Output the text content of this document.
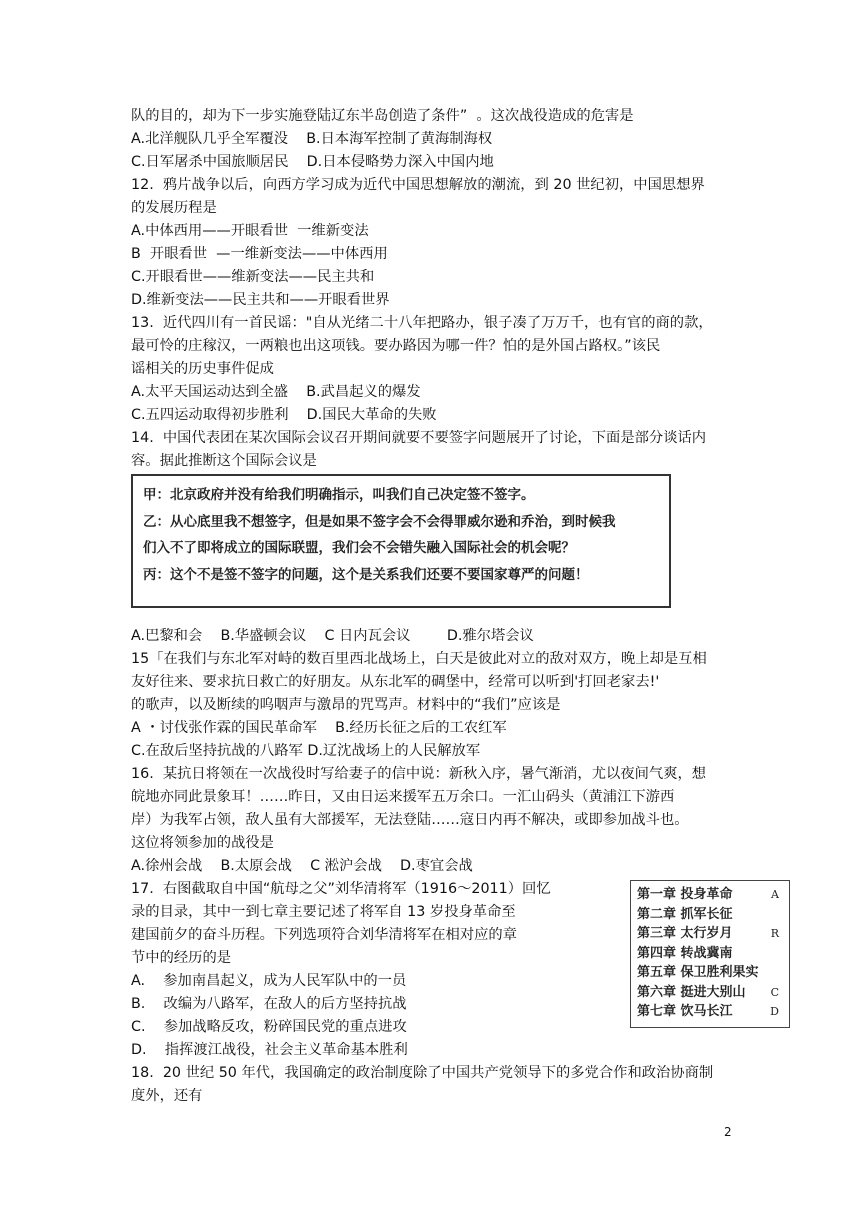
队的目的，却为下一步实施登陆辽东半岛创造了条件”  。这次战役造成的危害是
A.北洋舰队几乎全军覆没    B.日本海军控制了黄海制海权
C.日军屠杀中国旅顺居民    D.日本侵略势力深入中国内地
12.  鸦片战争以后，向西方学习成为近代中国思想解放的潮流，到 20 世纪初，中国思想界
的发展历程是
A.中体西用——开眼看世  一维新变法
B  开眼看世  —一维新变法——中体西用
C.开眼看世——维新变法——民主共和
D.维新变法——民主共和——开眼看世界
13.  近代四川有一首民谣："自从光绪二十八年把路办，银子凑了万万千，也有官的商的款，
最可怜的庄稼汉，一两粮也出这项钱。要办路因为哪一件？怕的是外国占路权。”该民
谣相关的历史事件促成
A.太平天国运动达到全盛    B.武昌起义的爆发
C.五四运动取得初步胜利    D.国民大革命的失败
14.  中国代表团在某次国际会议召开期间就要不要签字问题展开了讨论，下面是部分谈话内
容。据此推断这个国际会议是
A.巴黎和会    B.华盛顿会议    C 日内瓦会议        D.雅尔塔会议
15「在我们与东北军对峙的数百里西北战场上，白天是彼此对立的敌对双方，晚上却是互相
友好往来、要求抗日救亡的好朋友。从东北军的碉堡中，经常可以听到'打回老家去!'
的歌声，以及断续的呜咽声与激昂的咒骂声。材料中的“我们”应该是
A ・讨伐张作霖的国民革命军    B.经历长征之后的工农红军
C.在敌后坚持抗战的八路军 D.辽沈战场上的人民解放军
16.  某抗日将领在一次战役时写给妻子的信中说：新秋入序，暑气渐消，尤以夜间气爽，想
皖地亦同此景象耳！……昨日，又由日运来援军五万余口。一汇山码头（黄浦江下游西
岸）为我军占领，敌人虽有大部援军，无法登陆……寇日内再不解决，或即参加战斗也。
这位将领参加的战役是
A.徐州会战    B.太原会战    C 淞沪会战    D.枣宜会战
17.  右图截取自中国“航母之父”刘华清将军（1916～2011）回忆
录的目录，其中一到七章主要记述了将军自 13 岁投身革命至
建国前夕的奋斗历程。下列选项符合刘华清将军在相对应的章
节中的经历的是
A.    参加南昌起义，成为人民军队中的一员
B.    改编为八路军，在敌人的后方坚持抗战
C.    参加战略反攻，粉碎国民党的重点进攻
D.    指挥渡江战役，社会主义革命基本胜利
18.  20 世纪 50 年代，我国确定的政治制度除了中国共产党领导下的多党合作和政治协商制
度外，还有
甲：北京政府并没有给我们明确指示，叫我们自己决定签不签字。
乙：从心底里我不想签字，但是如果不签字会不会得罪威尔逊和乔治，到时候我
们入不了即将成立的国际联盟，我们会不会错失融入国际社会的机会呢？
丙：这个不是签不签字的问题，这个是关系我们还要不要国家尊严的问题！
第一章 投身革命	A
第二章 抓军长征
第三章 太行岁月	R
第四章 转战冀南
第五章 保卫胜利果实
第六章 挺进大别山 C
第七章 饮马长江	D
2
